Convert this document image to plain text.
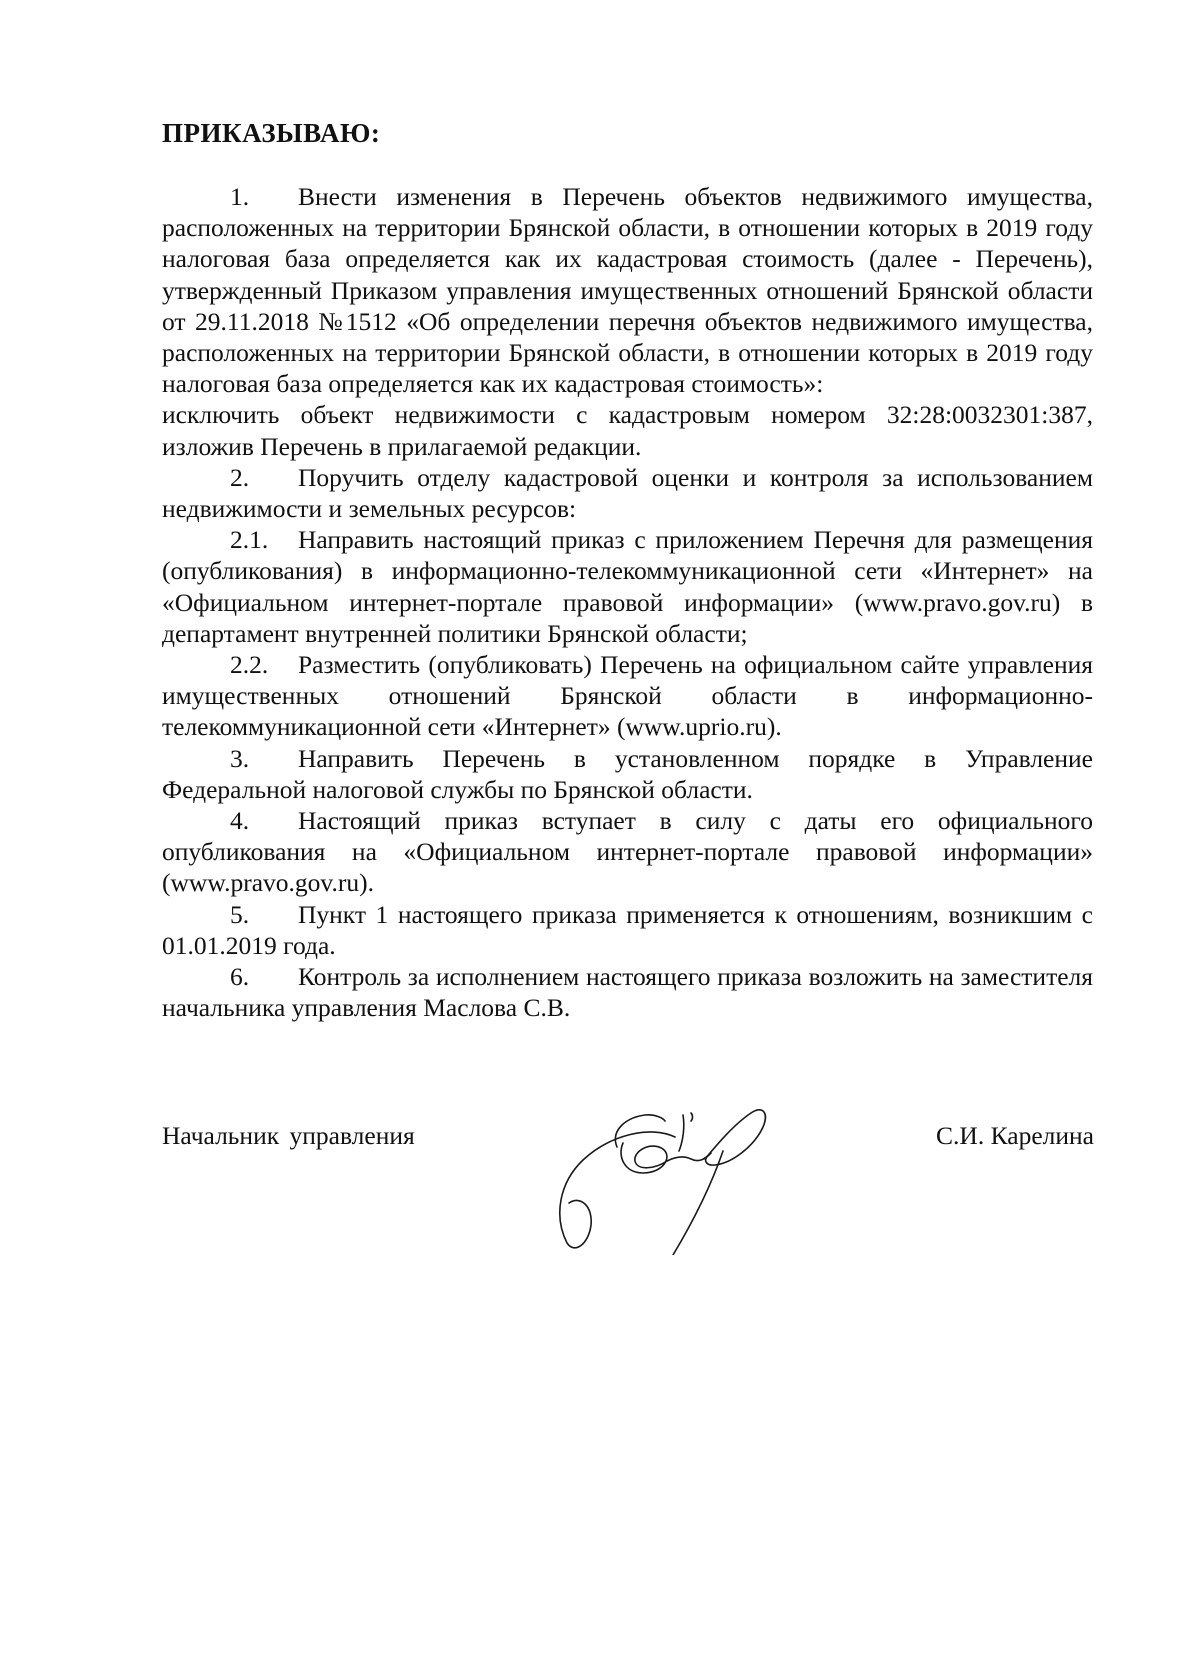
ПРИКАЗЫВАЮ:

1. Внести изменения в Перечень объектов недвижимого имущества, расположенных на территории Брянской области, в отношении которых в 2019 году налоговая база определяется как их кадастровая стоимость (далее - Перечень), утвержденный Приказом управления имущественных отношений Брянской области от 29.11.2018 №1512 «Об определении перечня объектов недвижимого имущества, расположенных на территории Брянской области, в отношении которых в 2019 году налоговая база определяется как их кадастровая стоимость»:

исключить объект недвижимости с кадастровым номером 32:28:0032301:387, изложив Перечень в прилагаемой редакции.

2. Поручить отделу кадастровой оценки и контроля за использованием недвижимости и земельных ресурсов:

2.1. Направить настоящий приказ с приложением Перечня для размещения (опубликования) в информационно-телекоммуникационной сети «Интернет» на «Официальном интернет-портале правовой информации» (www.pravo.gov.ru) в департамент внутренней политики Брянской области;

2.2. Разместить (опубликовать) Перечень на официальном сайте управления имущественных отношений Брянской области в информационно-телекоммуникационной сети «Интернет» (www.uprio.ru).

3. Направить Перечень в установленном порядке в Управление Федеральной налоговой службы по Брянской области.

4. Настоящий приказ вступает в силу с даты его официального опубликования на «Официальном интернет-портале правовой информации» (www.pravo.gov.ru).

5. Пункт 1 настоящего приказа применяется к отношениям, возникшим с 01.01.2019 года.

6. Контроль за исполнением настоящего приказа возложить на заместителя начальника управления Маслова С.В.

Начальник управления	С.И. Карелина
